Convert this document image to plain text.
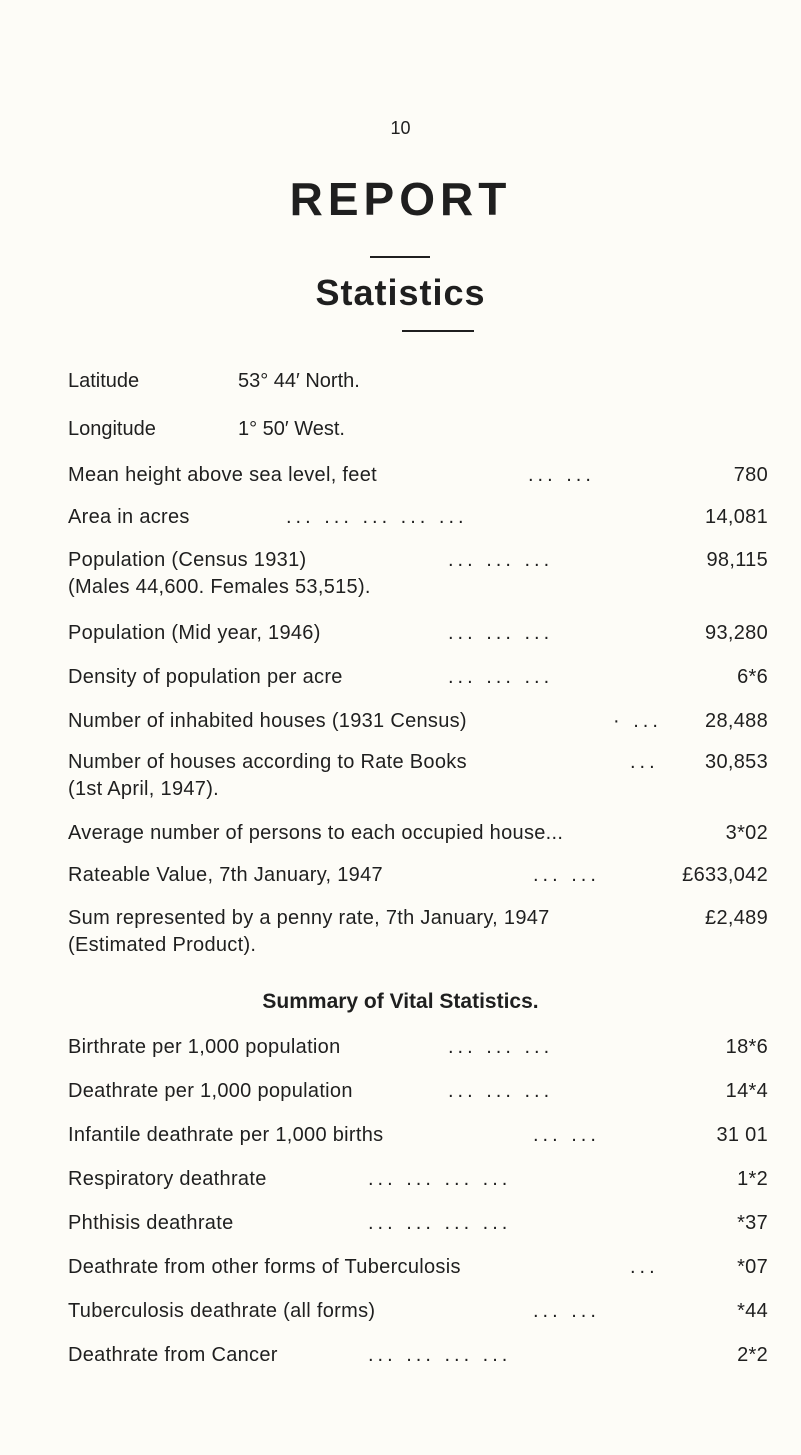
10
REPORT
Statistics
Latitude	53° 44′ North.
Longitude	1° 50′ West.
Mean height above sea level, feet	... ...	780
Area in acres	... ... ... ... ...	14,081
Population (Census 1931)	... ... ...	98,115
(Males 44,600. Females 53,515).
Population (Mid year, 1946)	... ... ...	93,280
Density of population per acre	... ... ...	6*6
Number of inhabited houses (1931 Census)	· ... 28,488
Number of houses according to Rate Books	... 30,853
(1st April, 1947).
Average number of persons to each occupied house...	3*02
Rateable Value, 7th January, 1947	... ...	£633,042
Sum represented by a penny rate, 7th January, 1947	£2,489
(Estimated Product).
Summary of Vital Statistics.
Birthrate per 1,000 population	... ... ...	18*6
Deathrate per 1,000 population	... ... ...	14*4
Infantile deathrate per 1,000 births	... ...	31 01
Respiratory deathrate	... ... ... ...	1*2
Phthisis deathrate	... ... ... ...	*37
Deathrate from other forms of Tuberculosis	...	*07
Tuberculosis deathrate (all forms)	... ...	*44
Deathrate from Cancer	... ... ... ...	2*2
